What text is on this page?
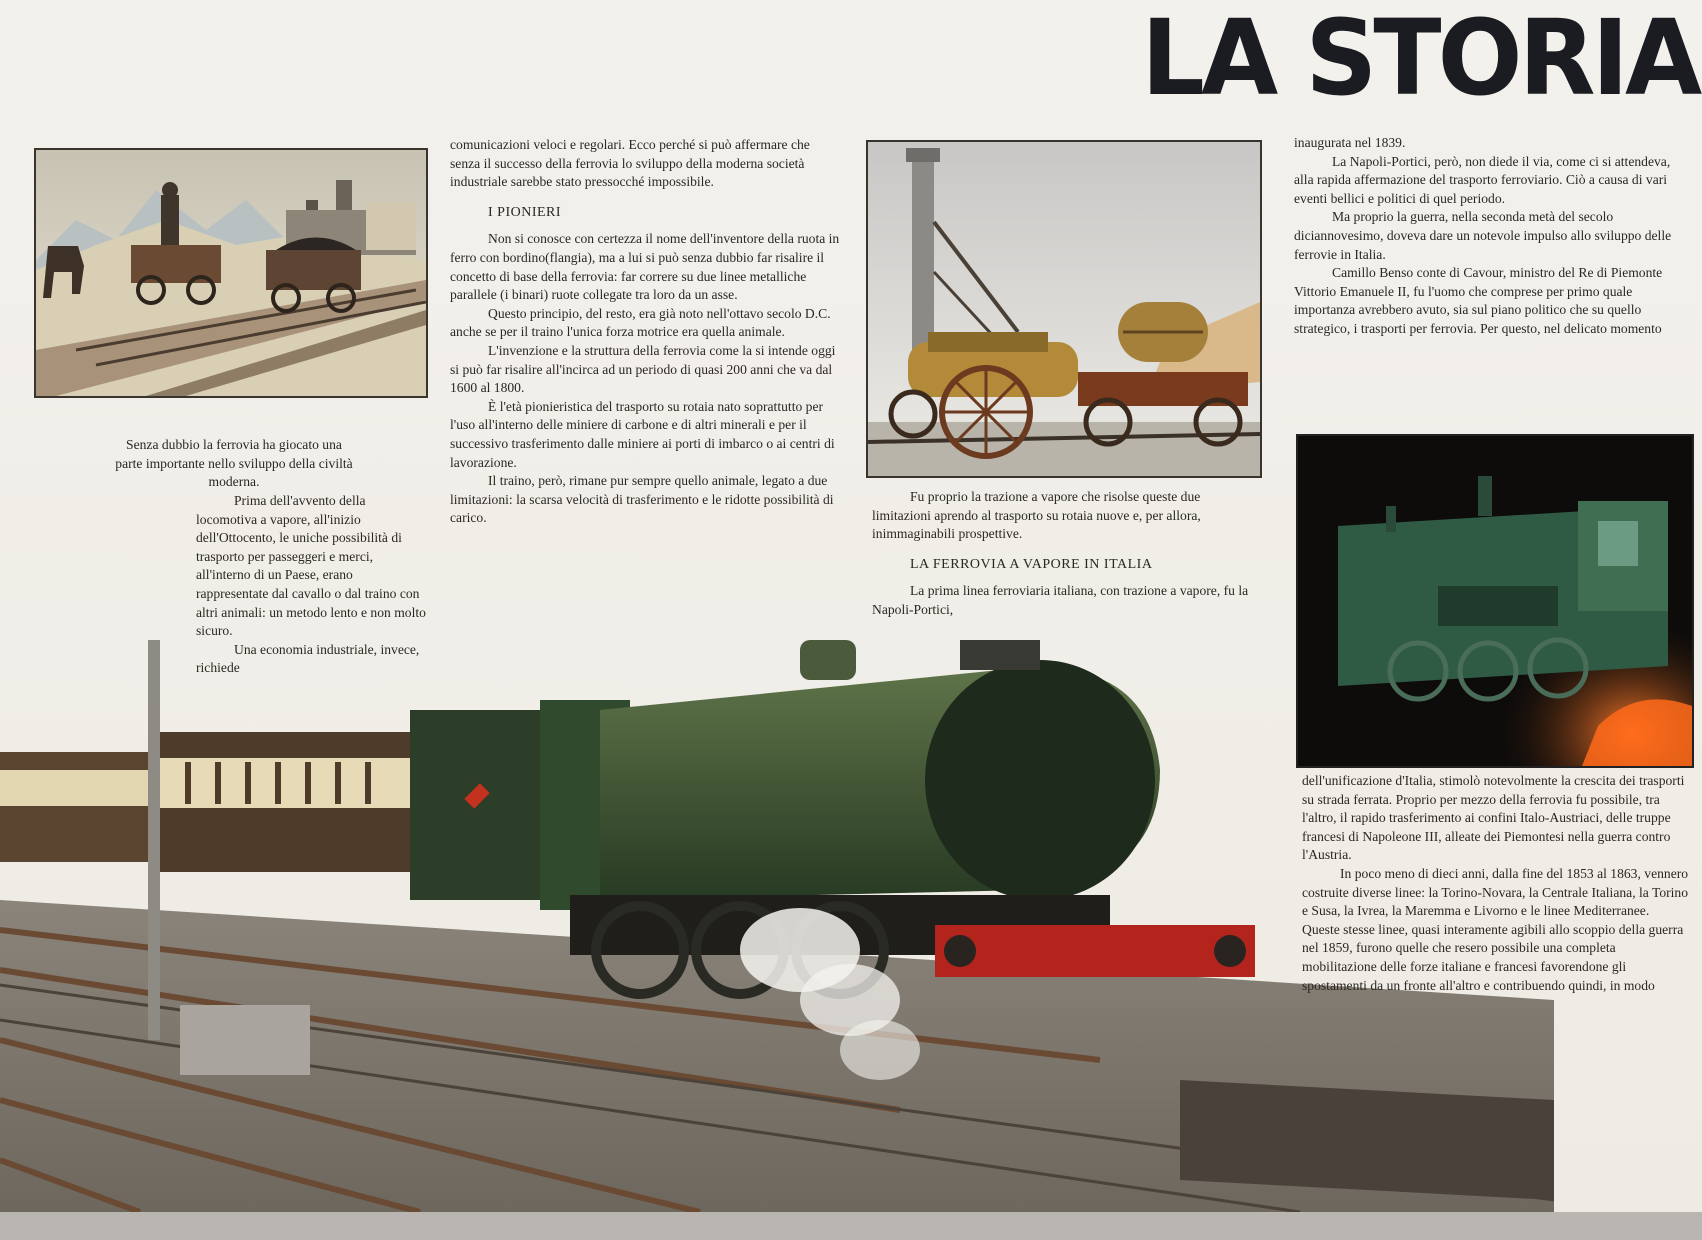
LA STORIA

Senza dubbio la ferrovia ha giocato una

parte importante nello sviluppo della civiltà

moderna.

Prima dell'avvento della locomotiva a vapore, all'inizio dell'Ottocento, le uniche possibilità di trasporto per passeggeri e merci, all'interno di un Paese, erano rappresentate dal cavallo o dal traino con altri animali: un metodo lento e non molto sicuro.

Una economia industriale, invece, richiede

comunicazioni veloci e regolari. Ecco perché si può affermare che senza il successo della ferrovia lo sviluppo della moderna società industriale sarebbe stato pressocché impossibile.

I PIONIERI

Non si conosce con certezza il nome dell'inventore della ruota in ferro con bordino(flangia), ma a lui si può senza dubbio far risalire il concetto di base della ferrovia: far correre su due linee metalliche parallele (i binari) ruote collegate tra loro da un asse.

Questo principio, del resto, era già noto nell'ottavo secolo D.C. anche se per il traino l'unica forza motrice era quella animale.

L'invenzione e la struttura della ferrovia come la si intende oggi si può far risalire all'incirca ad un periodo di quasi 200 anni che va dal 1600 al 1800.

È l'età pionieristica del trasporto su rotaia nato soprattutto per l'uso all'interno delle miniere di carbone e di altri minerali e per il successivo trasferimento dalle miniere ai porti di imbarco o ai centri di lavorazione.

Il traino, però, rimane pur sempre quello animale, legato a due limitazioni: la scarsa velocità di trasferimento e le ridotte possibilità di carico.

Fu proprio la trazione a vapore che risolse queste due limitazioni aprendo al trasporto su rotaia nuove e, per allora, inimmaginabili prospettive.

LA FERROVIA A VAPORE IN ITALIA

La prima linea ferroviaria italiana, con trazione a vapore, fu la Napoli-Portici,

inaugurata nel 1839.

La Napoli-Portici, però, non diede il via, come ci si attendeva, alla rapida affermazione del trasporto ferroviario. Ciò a causa di vari eventi bellici e politici di quel periodo.

Ma proprio la guerra, nella seconda metà del secolo diciannovesimo, doveva dare un notevole impulso allo sviluppo delle ferrovie in Italia.

Camillo Benso conte di Cavour, ministro del Re di Piemonte Vittorio Emanuele II, fu l'uomo che comprese per primo quale importanza avrebbero avuto, sia sul piano politico che su quello strategico, i trasporti per ferrovia. Per questo, nel delicato momento

dell'unificazione d'Italia, stimolò notevolmente la crescita dei trasporti su strada ferrata. Proprio per mezzo della ferrovia fu possibile, tra l'altro, il rapido trasferimento ai confini Italo-Austriaci, delle truppe francesi di Napoleone III, alleate dei Piemontesi nella guerra contro l'Austria.

In poco meno di dieci anni, dalla fine del 1853 al 1863, vennero costruite diverse linee: la Torino-Novara, la Centrale Italiana, la Torino e Susa, la Ivrea, la Maremma e Livorno e le linee Mediterranee. Queste stesse linee, quasi interamente agibili allo scoppio della guerra nel 1859, furono quelle che resero possibile una completa mobilitazione delle forze italiane e francesi favorendone gli spostamenti da un fronte all'altro e contribuendo quindi, in modo
